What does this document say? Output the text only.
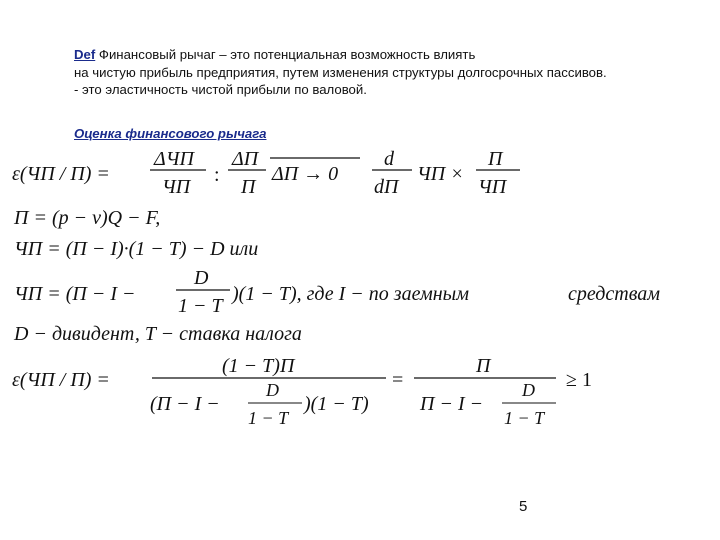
Def Финансовый рычаг – это потенциальная возможность влиять
на чистую прибыль предприятия, путем изменения структуры долгосрочных пассивов.
- это эластичность чистой прибыли по валовой.
Оценка финансового рычага
ε(ЧП / П) =
ΔЧП
ЧП
:
ΔП
П
ΔП → 0
d
dП
ЧП ×
П
ЧП
П = (p − v)Q − F,
ЧП = (П − I)·(1 − T) − D или
ЧП = (П − I −
D
1 − T
)(1 − T), где I − по заемным	средствам
D − дивидент, T − ставка налога
ε(ЧП / П) =
(1 − T)П
(П − I −
D
1 − T
)(1 − T)
=
П
П − I −
D
1 − T
≥ 1
5
